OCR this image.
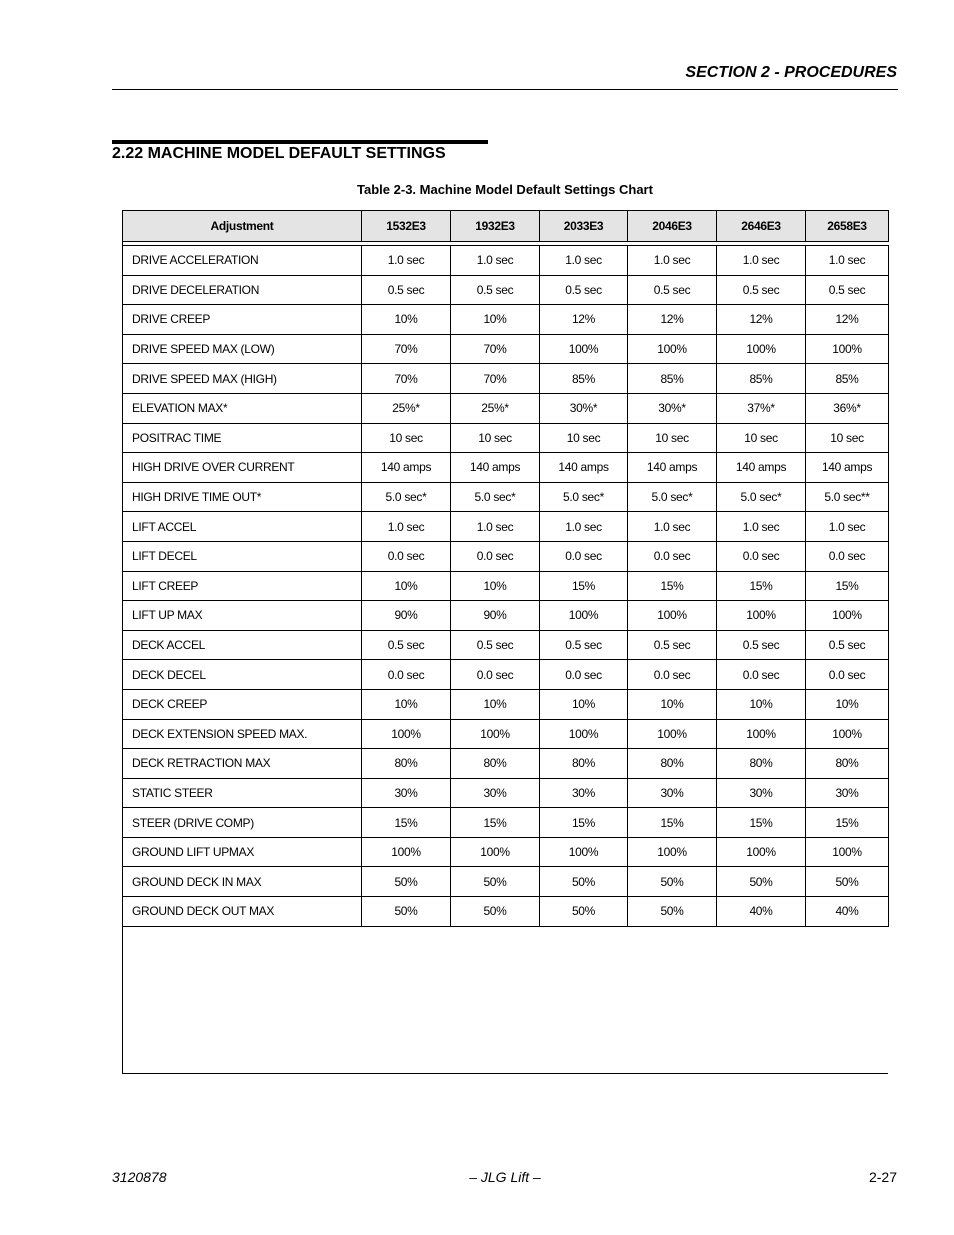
SECTION 2 - PROCEDURES
2.22 MACHINE MODEL DEFAULT SETTINGS
Table 2-3. Machine Model Default Settings Chart
Adjustment	1532E3	1932E3	2033E3	2046E3	2646E3	2658E3

DRIVE ACCELERATION	1.0 sec	1.0 sec	1.0 sec	1.0 sec	1.0 sec	1.0 sec
DRIVE DECELERATION	0.5 sec	0.5 sec	0.5 sec	0.5 sec	0.5 sec	0.5 sec
DRIVE CREEP	10%	10%	12%	12%	12%	12%
DRIVE SPEED MAX (LOW)	70%	70%	100%	100%	100%	100%
DRIVE SPEED MAX (HIGH)	70%	70%	85%	85%	85%	85%
ELEVATION MAX*	25%*	25%*	30%*	30%*	37%*	36%*
POSITRAC TIME	10 sec	10 sec	10 sec	10 sec	10 sec	10 sec
HIGH DRIVE OVER CURRENT	140 amps	140 amps	140 amps	140 amps	140 amps	140 amps
HIGH DRIVE TIME OUT*	5.0 sec*	5.0 sec*	5.0 sec*	5.0 sec*	5.0 sec*	5.0 sec**
LIFT ACCEL	1.0 sec	1.0 sec	1.0 sec	1.0 sec	1.0 sec	1.0 sec
LIFT DECEL	0.0 sec	0.0 sec	0.0 sec	0.0 sec	0.0 sec	0.0 sec
LIFT CREEP	10%	10%	15%	15%	15%	15%
LIFT UP MAX	90%	90%	100%	100%	100%	100%
DECK ACCEL	0.5 sec	0.5 sec	0.5 sec	0.5 sec	0.5 sec	0.5 sec
DECK DECEL	0.0 sec	0.0 sec	0.0 sec	0.0 sec	0.0 sec	0.0 sec
DECK CREEP	10%	10%	10%	10%	10%	10%
DECK EXTENSION SPEED MAX.	100%	100%	100%	100%	100%	100%
DECK RETRACTION MAX	80%	80%	80%	80%	80%	80%
STATIC STEER	30%	30%	30%	30%	30%	30%
STEER (DRIVE COMP)	15%	15%	15%	15%	15%	15%
GROUND LIFT UPMAX	100%	100%	100%	100%	100%	100%
GROUND DECK IN MAX	50%	50%	50%	50%	50%	50%
GROUND DECK OUT MAX	50%	50%	50%	50%	40%	40%
3120878	– JLG Lift –	2-27
